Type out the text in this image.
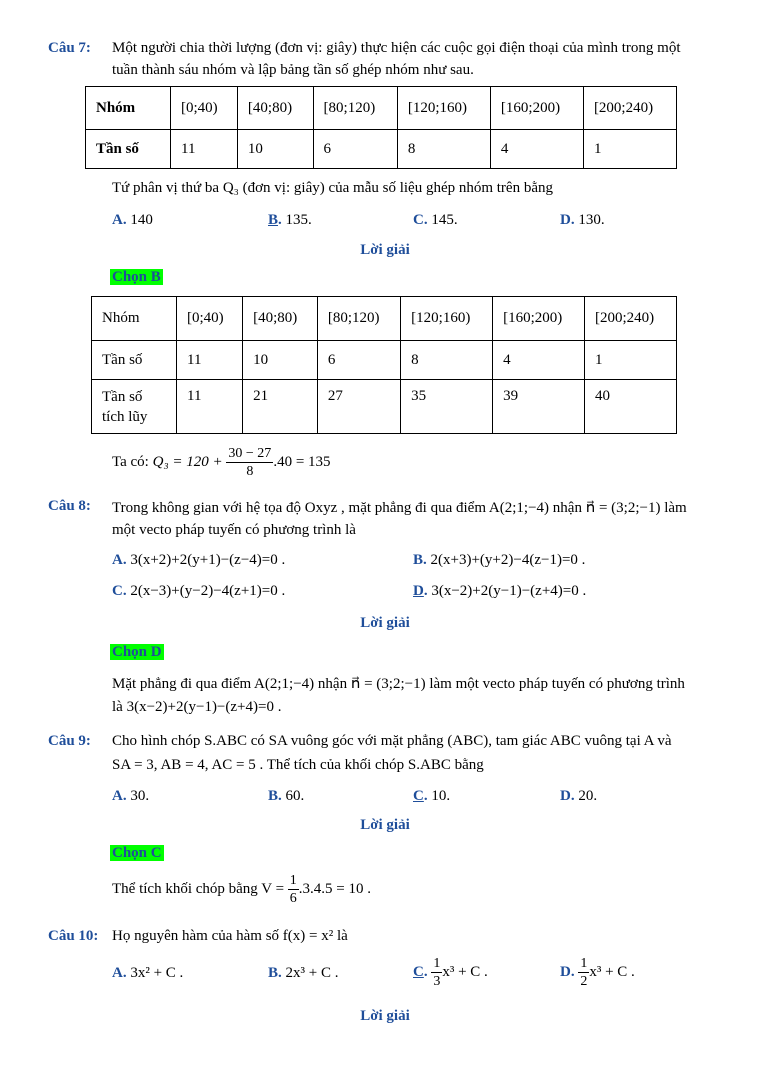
Câu 7: Một người chia thời lượng (đơn vị: giây) thực hiện các cuộc gọi điện thoại của mình trong một
tuần thành sáu nhóm và lập bảng tần số ghép nhóm như sau.
Nhóm	[0;40)	[40;80)	[80;120)	[120;160)	[160;200)	[200;240)
Tần số	11	10	6	8	4	1
Tứ phân vị thứ ba Q₃ (đơn vị: giây) của mẫu số liệu ghép nhóm trên bằng
A. 140	B. 135.	C. 145.	D. 130.
Lời giải
Chọn B
Nhóm	[0;40)	[40;80)	[80;120)	[120;160)	[160;200)	[200;240)
Tần số	11	10	6	8	4	1
Tần số tích lũy	11	21	27	35	39	40
Ta có: $Q_3 = 120 + \frac{30 - 27}{8} .40 = 135$
Câu 8: Trong không gian với hệ tọa độ Oxyz , mặt phẳng đi qua điểm A(2;1;−4) nhận n⃗ = (3;2;−1) làm
một vecto pháp tuyến có phương trình là
A. 3(x+2)+2(y+1)−(z−4)=0 .	B. 2(x+3)+(y+2)−4(z−1)=0 .
C. 2(x−3)+(y−2)−4(z+1)=0 .	D. 3(x−2)+2(y−1)−(z+4)=0 .
Lời giải
Chọn D
Mặt phẳng đi qua điểm A(2;1;−4) nhận n⃗ = (3;2;−1) làm một vecto pháp tuyến có phương trình
là 3(x−2)+2(y−1)−(z+4)=0 .
Câu 9: Cho hình chóp S.ABC có SA vuông góc với mặt phẳng (ABC), tam giác ABC vuông tại A và
SA = 3, AB = 4, AC = 5 . Thể tích của khối chóp S.ABC bằng
A. 30.	B. 60.	C. 10.	D. 20.
Lời giải
Chọn C
Thể tích khối chóp bằng $V = \frac{1}{6} .3.4.5 = 10$ .
Câu 10: Họ nguyên hàm của hàm số f(x) = x² là
A. 3x² + C .	B. 2x³ + C .	C. $\frac{1}{3} x^3 + C$ .	D. $\frac{1}{2} x^3 + C$ .
Lời giải
